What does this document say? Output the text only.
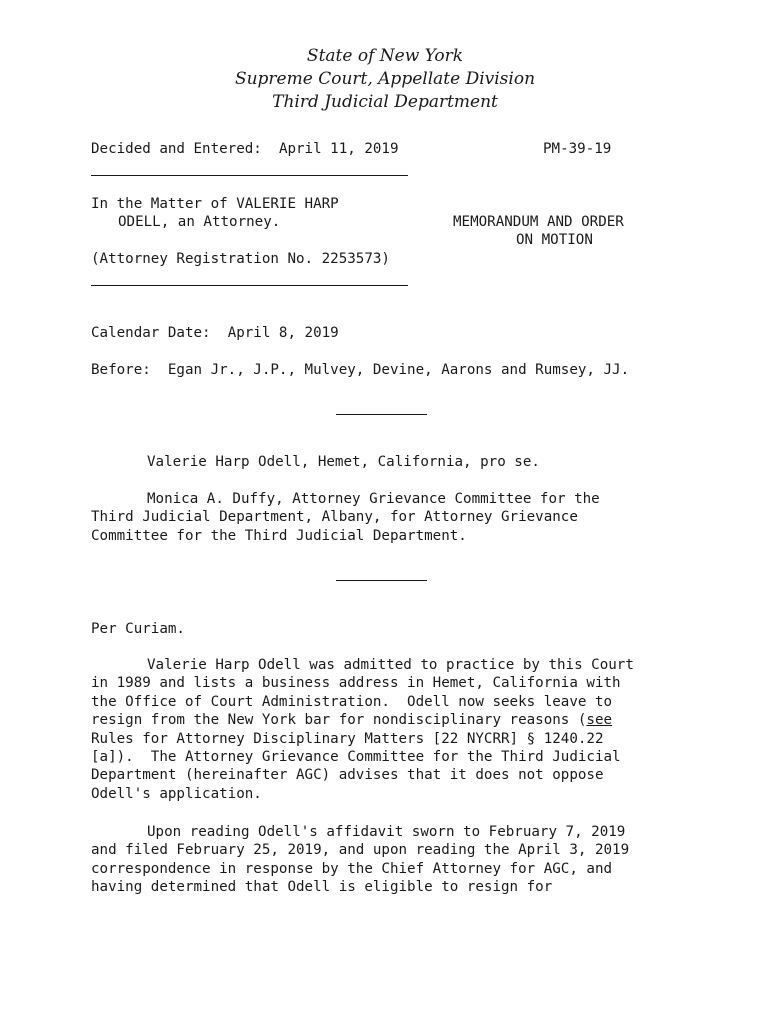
State of New York
Supreme Court, Appellate Division
Third Judicial Department
Decided and Entered: April 11, 2019	PM-39-19
In the Matter of VALERIE HARP
ODELL, an Attorney.
(Attorney Registration No. 2253573)
MEMORANDUM AND ORDER
ON MOTION
Calendar Date: April 8, 2019
Before: Egan Jr., J.P., Mulvey, Devine, Aarons and Rumsey, JJ.
Valerie Harp Odell, Hemet, California, pro se.
Monica A. Duffy, Attorney Grievance Committee for the
Third Judicial Department, Albany, for Attorney Grievance
Committee for the Third Judicial Department.
Per Curiam.
Valerie Harp Odell was admitted to practice by this Court
in 1989 and lists a business address in Hemet, California with
the Office of Court Administration.  Odell now seeks leave to
resign from the New York bar for nondisciplinary reasons (see
Rules for Attorney Disciplinary Matters [22 NYCRR] § 1240.22
[a]).  The Attorney Grievance Committee for the Third Judicial
Department (hereinafter AGC) advises that it does not oppose
Odell's application.
Upon reading Odell's affidavit sworn to February 7, 2019
and filed February 25, 2019, and upon reading the April 3, 2019
correspondence in response by the Chief Attorney for AGC, and
having determined that Odell is eligible to resign for
